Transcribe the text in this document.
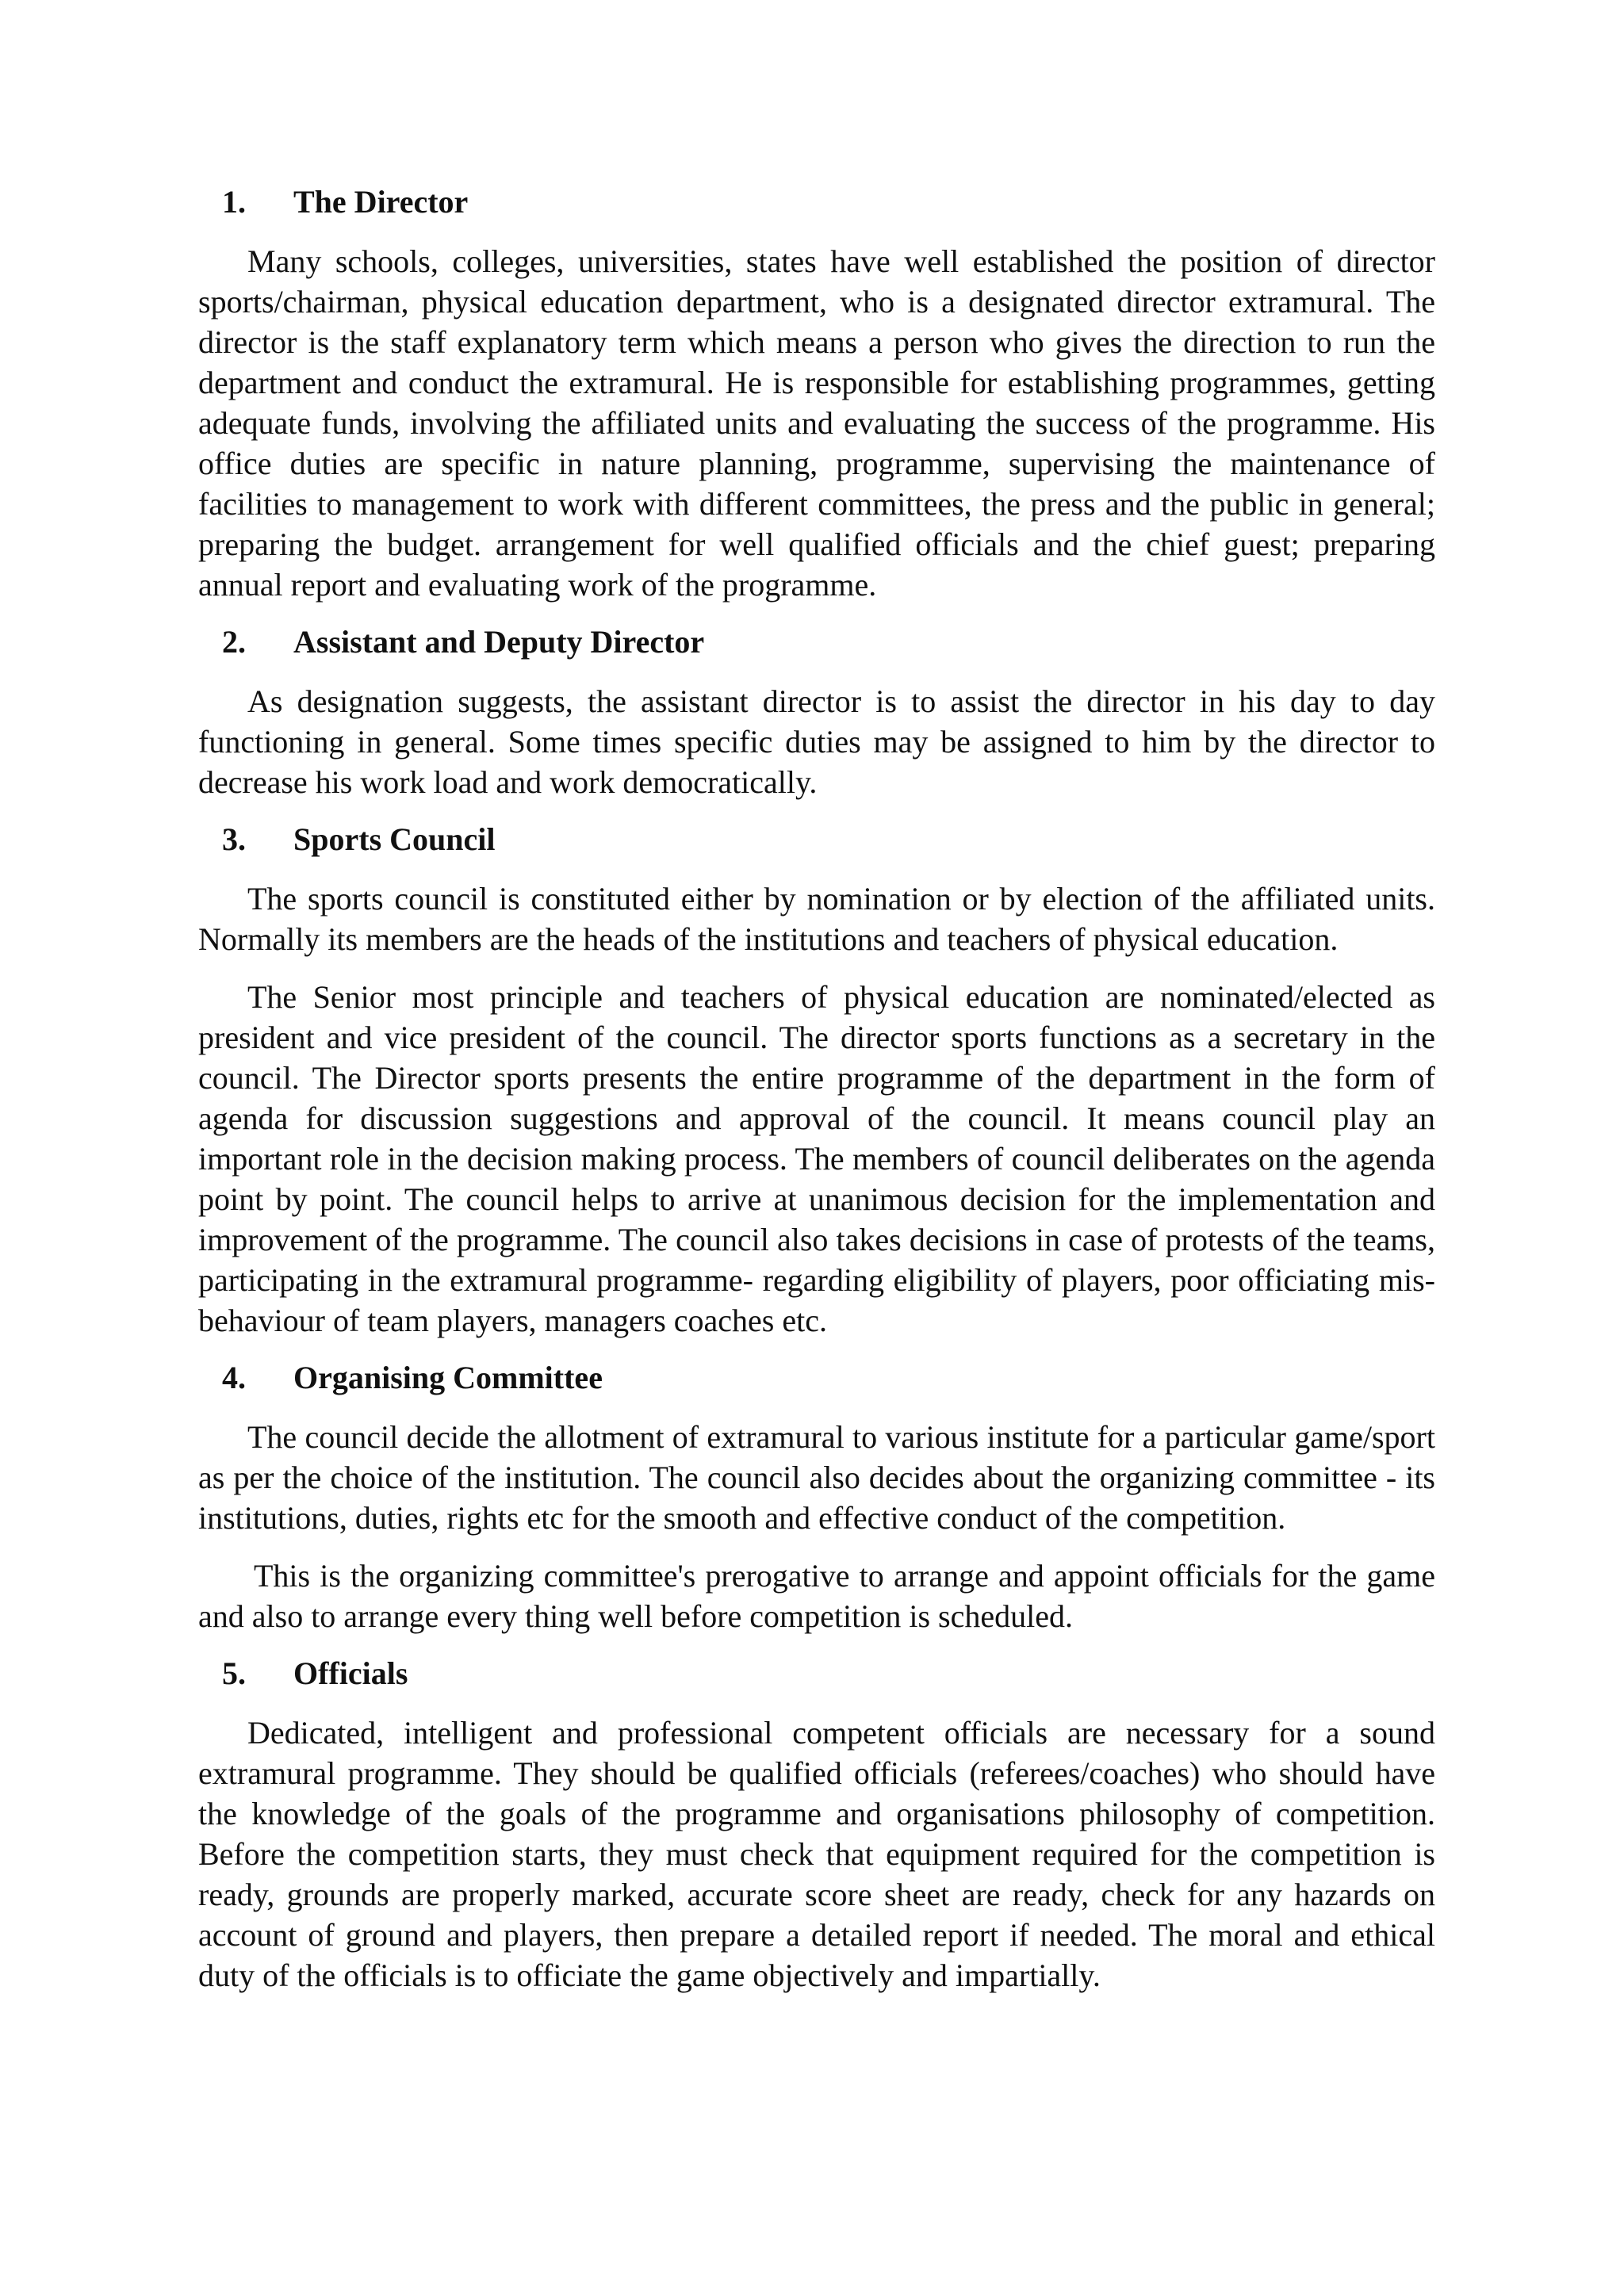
1.	The Director

Many schools, colleges, universities, states have well established the position of director sports/chairman, physical education department, who is a designated director extramural. The director is the staff explanatory term which means a person who gives the direction to run the department and conduct the extramural. He is responsible for establishing programmes, getting adequate funds, involving the affiliated units and evaluating the success of the programme. His office duties are specific in nature planning, programme, supervising the maintenance of facilities to management to work with different committees, the press and the public in general; preparing the budget. arrangement for well qualified officials and the chief guest; preparing annual report and evaluating work of the programme.

2.	Assistant and Deputy Director

As designation suggests, the assistant director is to assist the director in his day to day functioning in general. Some times specific duties may be assigned to him by the director to decrease his work load and work democratically.

3.	Sports Council

The sports council is constituted either by nomination or by election of the affiliated units. Normally its members are the heads of the institutions and teachers of physical education.

The Senior most principle and teachers of physical education are nominated/elected as president and vice president of the council. The director sports functions as a secretary in the council. The Director sports presents the entire programme of the department in the form of agenda for discussion suggestions and approval of the council. It means council play an important role in the decision making process. The members of council deliberates on the agenda point by point. The council helps to arrive at unanimous decision for the implementation and improvement of the programme. The council also takes decisions in case of protests of the teams, participating in the extramural programme- regarding eligibility of players, poor officiating mis-behaviour of team players, managers coaches etc.

4.	Organising Committee

The council decide the allotment of extramural to various institute for a particular game/sport as per the choice of the institution. The council also decides about the organizing committee - its institutions, duties, rights etc for the smooth and effective conduct of the competition.

This is the organizing committee's prerogative to arrange and appoint officials for the game and also to arrange every thing well before competition is scheduled.

5.	Officials

Dedicated, intelligent and professional competent officials are necessary for a sound extramural programme. They should be qualified officials (referees/coaches) who should have the knowledge of the goals of the programme and organisations philosophy of competition. Before the competition starts, they must check that equipment required for the competition is ready, grounds are properly marked, accurate score sheet are ready, check for any hazards on account of ground and players, then prepare a detailed report if needed. The moral and ethical duty of the officials is to officiate the game objectively and impartially.
